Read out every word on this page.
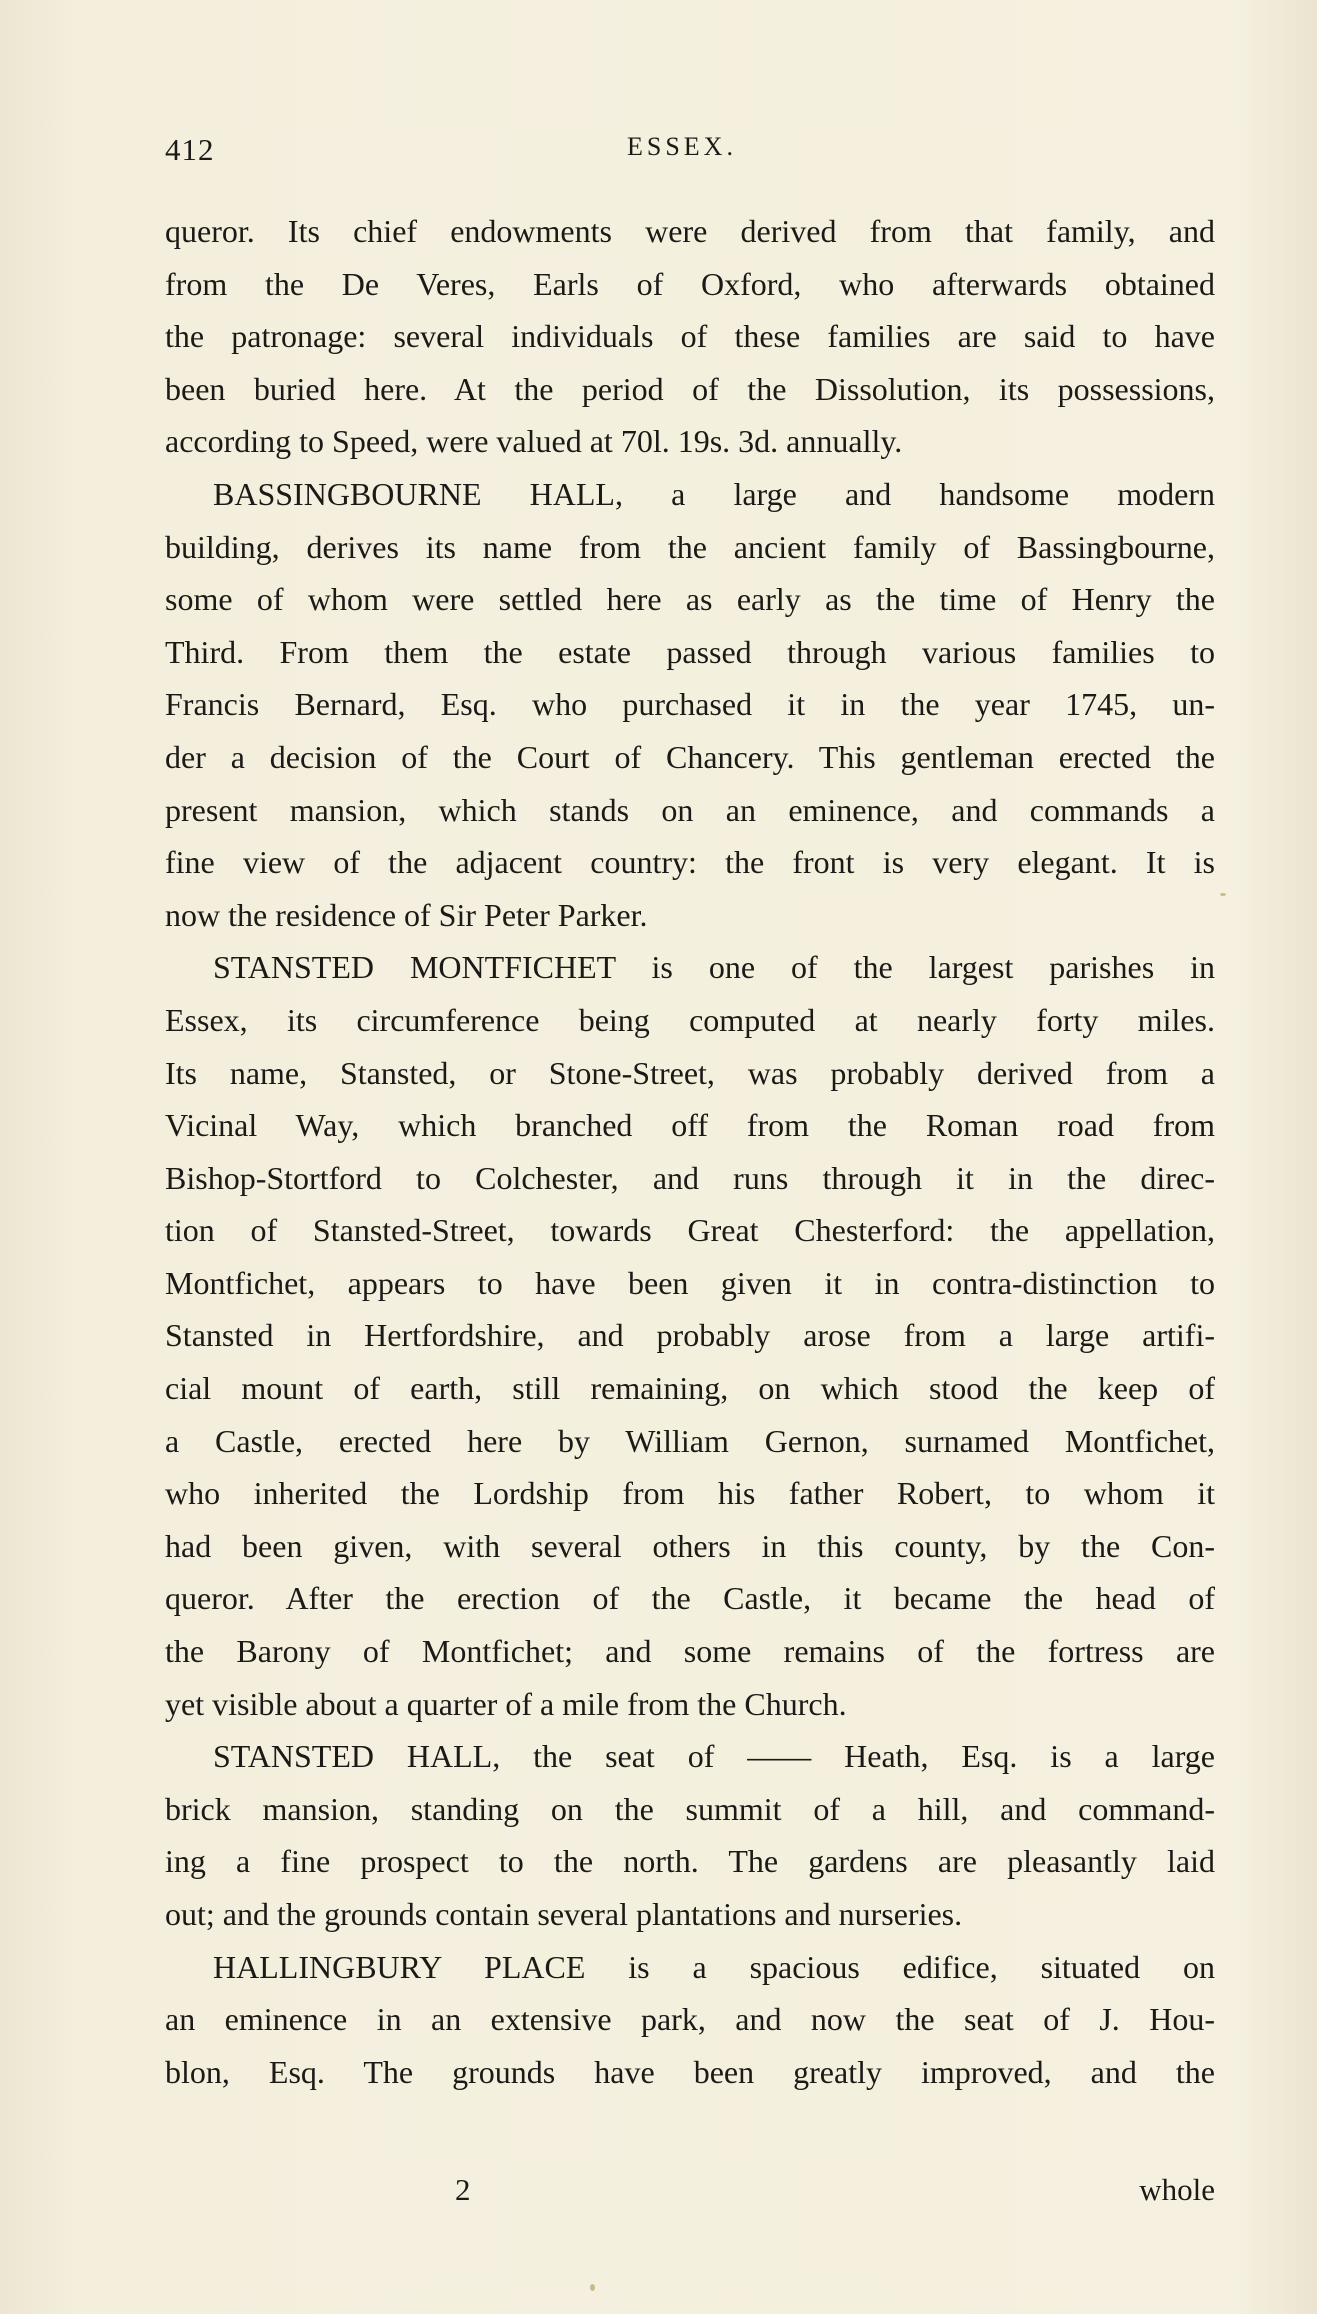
412	ESSEX.
queror. Its chief endowments were derived from that family, and
from the De Veres, Earls of Oxford, who afterwards obtained
the patronage: several individuals of these families are said to have
been buried here. At the period of the Dissolution, its possessions,
according to Speed, were valued at 70l. 19s. 3d. annually.
BASSINGBOURNE HALL, a large and handsome modern
building, derives its name from the ancient family of Bassingbourne,
some of whom were settled here as early as the time of Henry the
Third. From them the estate passed through various families to
Francis Bernard, Esq. who purchased it in the year 1745, un-
der a decision of the Court of Chancery. This gentleman erected the
present mansion, which stands on an eminence, and commands a
fine view of the adjacent country: the front is very elegant. It is
now the residence of Sir Peter Parker.
STANSTED MONTFICHET is one of the largest parishes in
Essex, its circumference being computed at nearly forty miles.
Its name, Stansted, or Stone-Street, was probably derived from a
Vicinal Way, which branched off from the Roman road from
Bishop-Stortford to Colchester, and runs through it in the direc-
tion of Stansted-Street, towards Great Chesterford: the appellation,
Montfichet, appears to have been given it in contra-distinction to
Stansted in Hertfordshire, and probably arose from a large artifi-
cial mount of earth, still remaining, on which stood the keep of
a Castle, erected here by William Gernon, surnamed Montfichet,
who inherited the Lordship from his father Robert, to whom it
had been given, with several others in this county, by the Con-
queror. After the erection of the Castle, it became the head of
the Barony of Montfichet; and some remains of the fortress are
yet visible about a quarter of a mile from the Church.
STANSTED HALL, the seat of —— Heath, Esq. is a large
brick mansion, standing on the summit of a hill, and command-
ing a fine prospect to the north. The gardens are pleasantly laid
out; and the grounds contain several plantations and nurseries.
HALLINGBURY PLACE is a spacious edifice, situated on
an eminence in an extensive park, and now the seat of J. Hou-
blon, Esq. The grounds have been greatly improved, and the
2	whole
